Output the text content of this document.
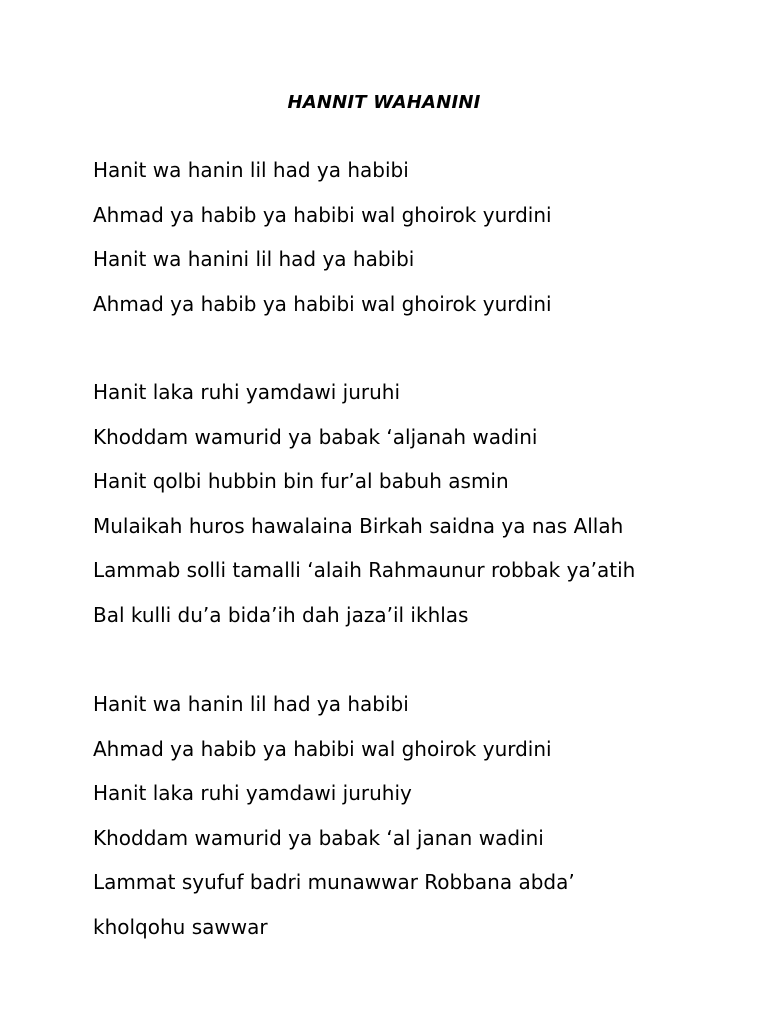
HANNIT WAHANINI
Hanit wa hanin lil had ya habibi
Ahmad ya habib ya habibi wal ghoirok yurdini
Hanit wa hanini lil had ya habibi
Ahmad ya habib ya habibi wal ghoirok yurdini
Hanit laka ruhi yamdawi juruhi
Khoddam wamurid ya babak ‘aljanah wadini
Hanit qolbi hubbin bin fur’al babuh asmin
Mulaikah huros hawalaina Birkah saidna ya nas Allah
Lammab solli tamalli ‘alaih Rahmaunur robbak ya’atih
Bal kulli du’a bida’ih dah jaza’il ikhlas
Hanit wa hanin lil had ya habibi
Ahmad ya habib ya habibi wal ghoirok yurdini
Hanit laka ruhi yamdawi juruhiy
Khoddam wamurid ya babak ‘al janan wadini
Lammat syufuf badri munawwar Robbana abda’
kholqohu sawwar
